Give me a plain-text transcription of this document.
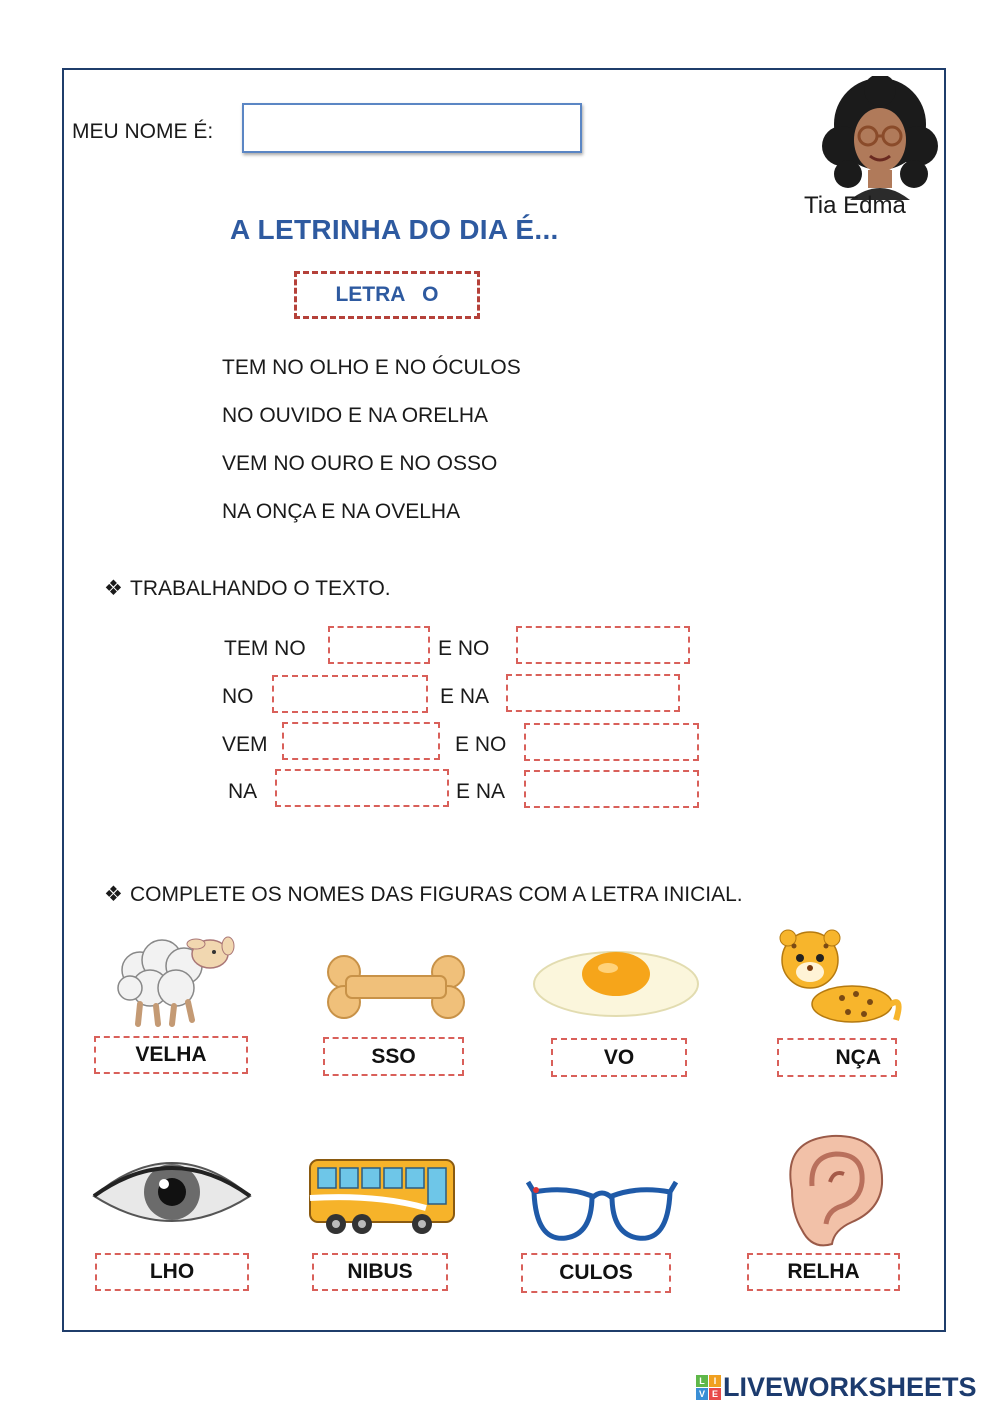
MEU NOME É:
Tia Edma
A LETRINHA DO DIA É...
LETRA   O
TEM NO OLHO E NO ÓCULOS
NO OUVIDO E NA ORELHA
VEM NO OURO E NO OSSO
NA ONÇA E NA OVELHA
❖ TRABALHANDO O TEXTO.
TEM NO	E NO
NO	E NA
VEM	E NO
NA	E NA
❖ COMPLETE OS NOMES DAS FIGURAS COM A LETRA INICIAL.
VELHA	SSO	VO	NÇA
LHO	NIBUS	CULOS	RELHA
L I
V E LIVEWORKSHEETS
